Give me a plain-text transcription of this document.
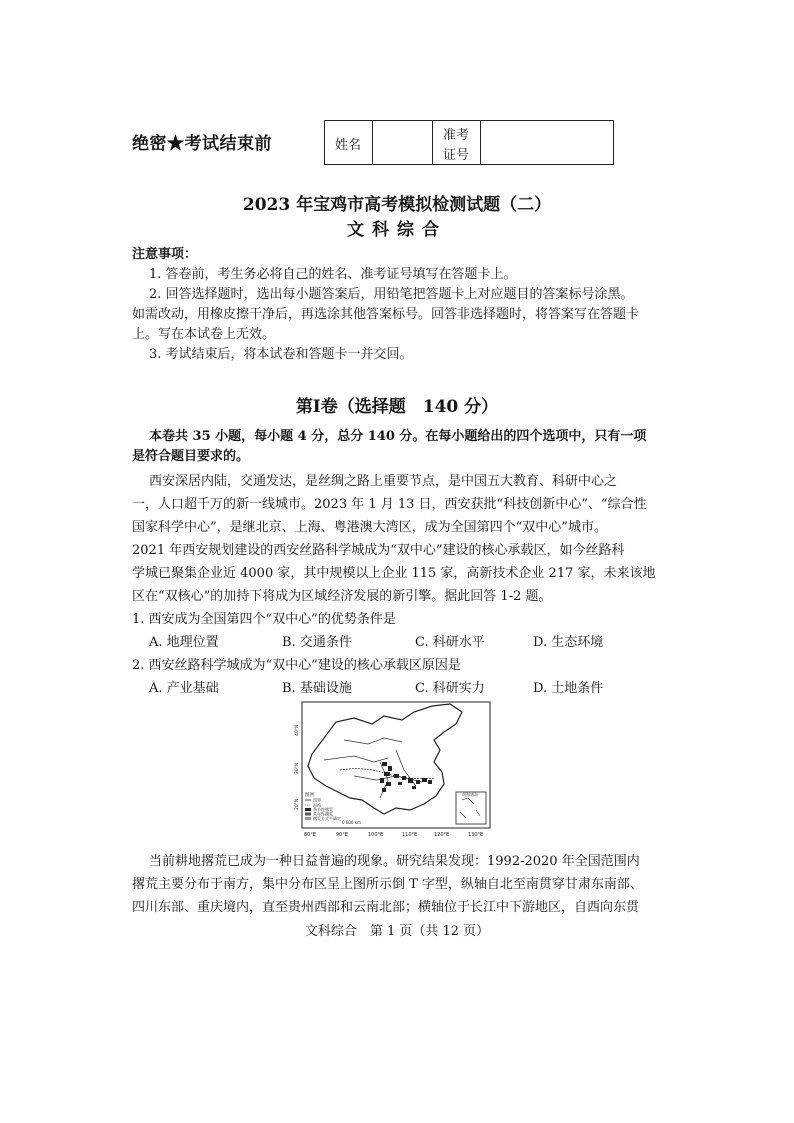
绝密★考试结束前	姓名
准考
证号
2023 年宝鸡市高考模拟检测试题（二）
文科综合
注意事项：
1. 答卷前，考生务必将自己的姓名、准考证号填写在答题卡上。
2. 回答选择题时，选出每小题答案后，用铅笔把答题卡上对应题目的答案标号涂黑。
如需改动，用橡皮擦干净后，再选涂其他答案标号。回答非选择题时，将答案写在答题卡
上。写在本试卷上无效。
3. 考试结束后，将本试卷和答题卡一并交回。
第Ⅰ卷（选择题　140 分）
本卷共 35 小题，每小题 4 分，总分 140 分。在每小题给出的四个选项中，只有一项
是符合题目要求的。
西安深居内陆，交通发达，是丝绸之路上重要节点，是中国五大教育、科研中心之
一，人口超千万的新一线城市。2023 年 1 月 13 日，西安获批“科技创新中心”、“综合性
国家科学中心”，是继北京、上海、粤港澳大湾区，成为全国第四个“双中心”城市。
2021 年西安规划建设的西安丝路科学城成为“双中心”建设的核心承载区，如今丝路科
学城已聚集企业近 4000 家，其中规模以上企业 115 家，高新技术企业 217 家，未来该地
区在“双核心”的加持下将成为区域经济发展的新引擎。据此回答 1-2 题。
1. 西安成为全国第四个“双中心”的优势条件是
A. 地理位置	B. 交通条件	C. 科研水平	D. 生态环境
2. 西安丝路科学城成为“双中心”建设的核心承载区原因是
A. 产业基础	B. 基础设施	C. 科研实力	D. 土地条件
南海诸岛
图例
国界
河流
季节性撂荒
常年性撂荒
撂荒方式不确定
0 600 km
80°E	90°E	100°E	110°E	120°E	130°E
40°N
30°N
20°N
当前耕地撂荒已成为一种日益普遍的现象。研究结果发现：1992-2020 年全国范围内
撂荒主要分布于南方，集中分布区呈上图所示倒 T 字型，纵轴自北至南贯穿甘肃东南部、
四川东部、重庆境内，直至贵州西部和云南北部；横轴位于长江中下游地区，自西向东贯
文科综合　第 1 页（共 12 页）
